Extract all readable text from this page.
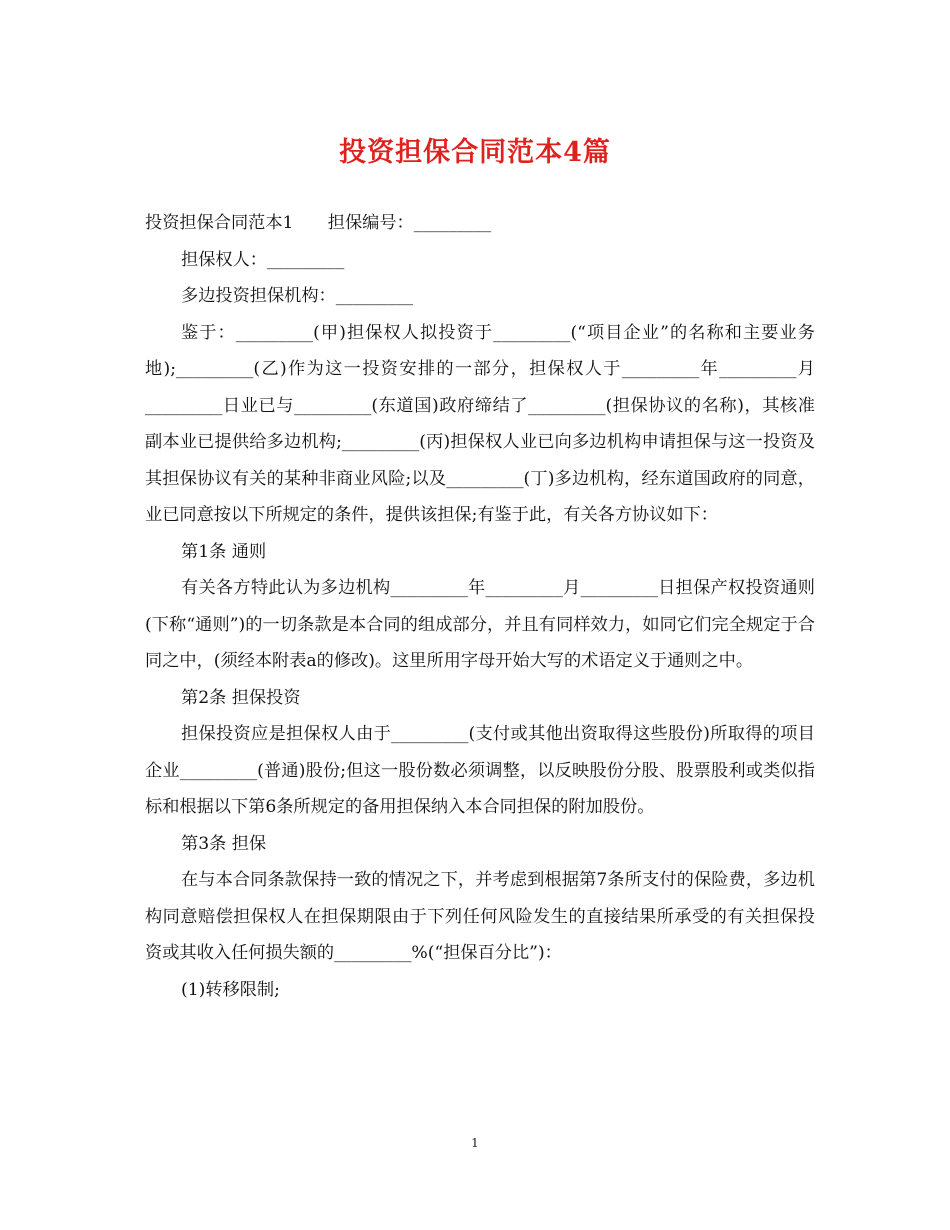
投资担保合同范本4篇

投资担保合同范本1　　担保编号：_________

担保权人：_________

多边投资担保机构：_________

鉴于：_________(甲)担保权人拟投资于_________(“项目企业”的名称和主要业务地);_________(乙)作为这一投资安排的一部分，担保权人于_________年_________月_________日业已与_________(东道国)政府缔结了_________(担保协议的名称)，其核准副本业已提供给多边机构;_________(丙)担保权人业已向多边机构申请担保与这一投资及其担保协议有关的某种非商业风险;以及_________(丁)多边机构，经东道国政府的同意，业已同意按以下所规定的条件，提供该担保;有鉴于此，有关各方协议如下：

第1条 通则

有关各方特此认为多边机构_________年_________月_________日担保产权投资通则(下称“通则”)的一切条款是本合同的组成部分，并且有同样效力，如同它们完全规定于合同之中，(须经本附表a的修改)。这里所用字母开始大写的术语定义于通则之中。

第2条 担保投资

担保投资应是担保权人由于_________(支付或其他出资取得这些股份)所取得的项目企业_________(普通)股份;但这一股份数必须调整，以反映股份分股、股票股利或类似指标和根据以下第6条所规定的备用担保纳入本合同担保的附加股份。

第3条 担保

在与本合同条款保持一致的情况之下，并考虑到根据第7条所支付的保险费，多边机构同意赔偿担保权人在担保期限由于下列任何风险发生的直接结果所承受的有关担保投资或其收入任何损失额的_________%(“担保百分比”)：

(1)转移限制;

1
